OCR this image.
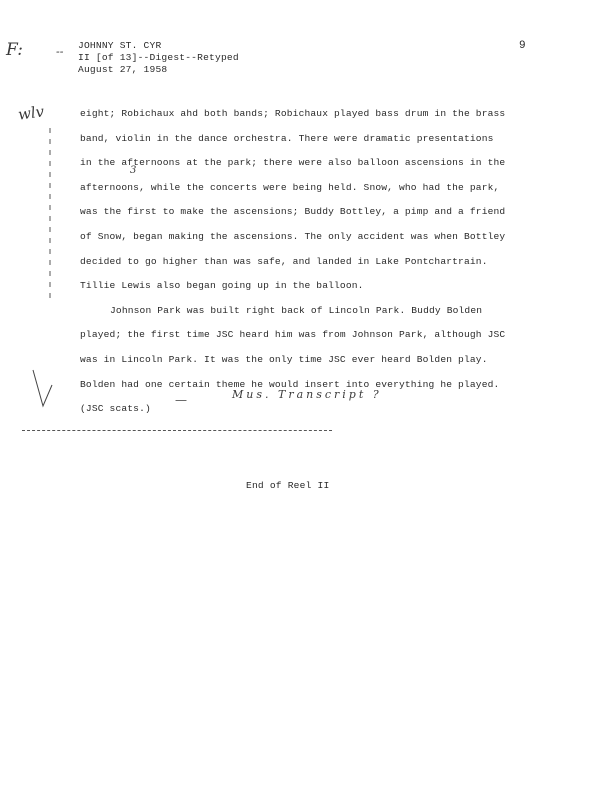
F:	-- JOHNNY ST. CYR
II [of 13]--Digest--Retyped
August 27, 1958
9
wlv	eight; Robichaux ahd both bands; Robichaux played bass drum in the brass
band, violin in the dance orchestra. There were dramatic presentations
in the afternoons at the park; there were also balloon ascensions in the
afternoons, while the concerts were being held. Snow, who had the park,
was the first to make the ascensions; Buddy Bottley, a pimp and a friend
of Snow, began making the ascensions. The only accident was when Bottley
decided to go higher than was safe, and landed in Lake Pontchartrain.
Tillie Lewis also began going up in the balloon.
Johnson Park was built right back of Lincoln Park. Buddy Bolden
played; the first time JSC heard him was from Johnson Park, although JSC
was in Lincoln Park. It was the only time JSC ever heard Bolden play.
Bolden had one certain theme he would insert into everything he played.
(JSC scats.)
3
—	Mus. Transcript ?
End of Reel II
